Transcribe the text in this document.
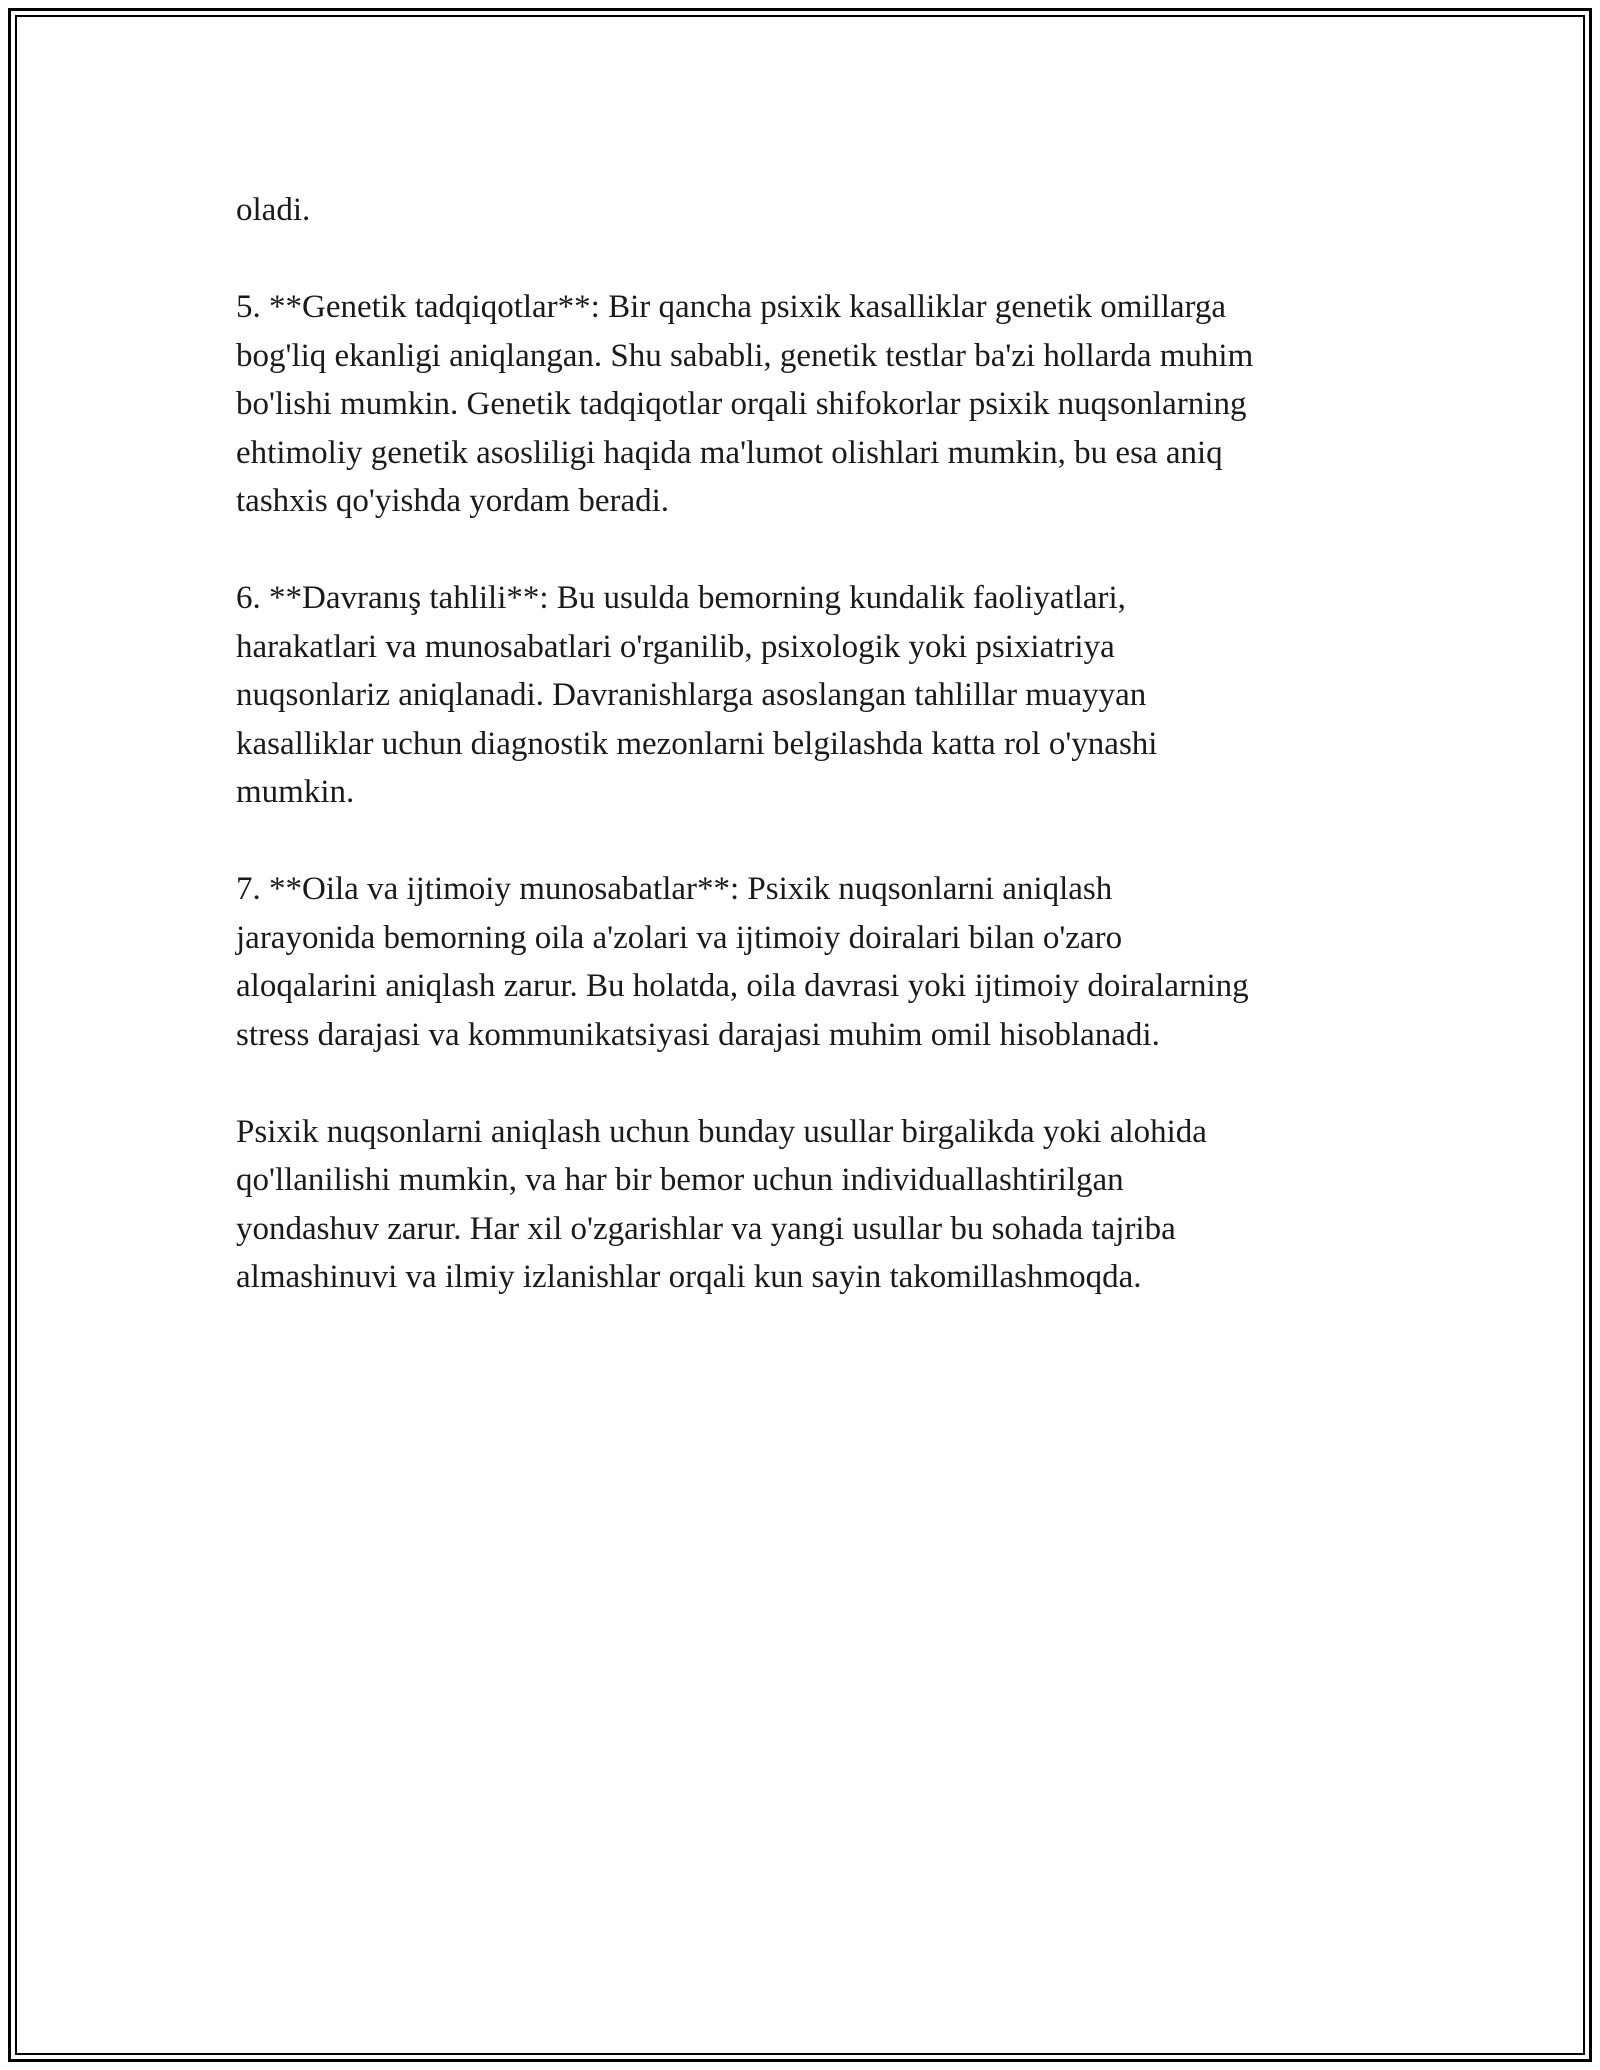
oladi.

5. **Genetik tadqiqotlar**: Bir qancha psixik kasalliklar genetik omillarga
bog'liq ekanligi aniqlangan. Shu sababli, genetik testlar ba'zi hollarda muhim
bo'lishi mumkin. Genetik tadqiqotlar orqali shifokorlar psixik nuqsonlarning
ehtimoliy genetik asosliligi haqida ma'lumot olishlari mumkin, bu esa aniq
tashxis qo'yishda yordam beradi.

6. **Davranış tahlili**: Bu usulda bemorning kundalik faoliyatlari,
harakatlari va munosabatlari o'rganilib, psixologik yoki psixiatriya
nuqsonlariz aniqlanadi. Davranishlarga asoslangan tahlillar muayyan
kasalliklar uchun diagnostik mezonlarni belgilashda katta rol o'ynashi
mumkin.

7. **Oila va ijtimoiy munosabatlar**: Psixik nuqsonlarni aniqlash
jarayonida bemorning oila a'zolari va ijtimoiy doiralari bilan o'zaro
aloqalarini aniqlash zarur. Bu holatda, oila davrasi yoki ijtimoiy doiralarning
stress darajasi va kommunikatsiyasi darajasi muhim omil hisoblanadi.

Psixik nuqsonlarni aniqlash uchun bunday usullar birgalikda yoki alohida
qo'llanilishi mumkin, va har bir bemor uchun individuallashtirilgan
yondashuv zarur. Har xil o'zgarishlar va yangi usullar bu sohada tajriba
almashinuvi va ilmiy izlanishlar orqali kun sayin takomillashmoqda.
